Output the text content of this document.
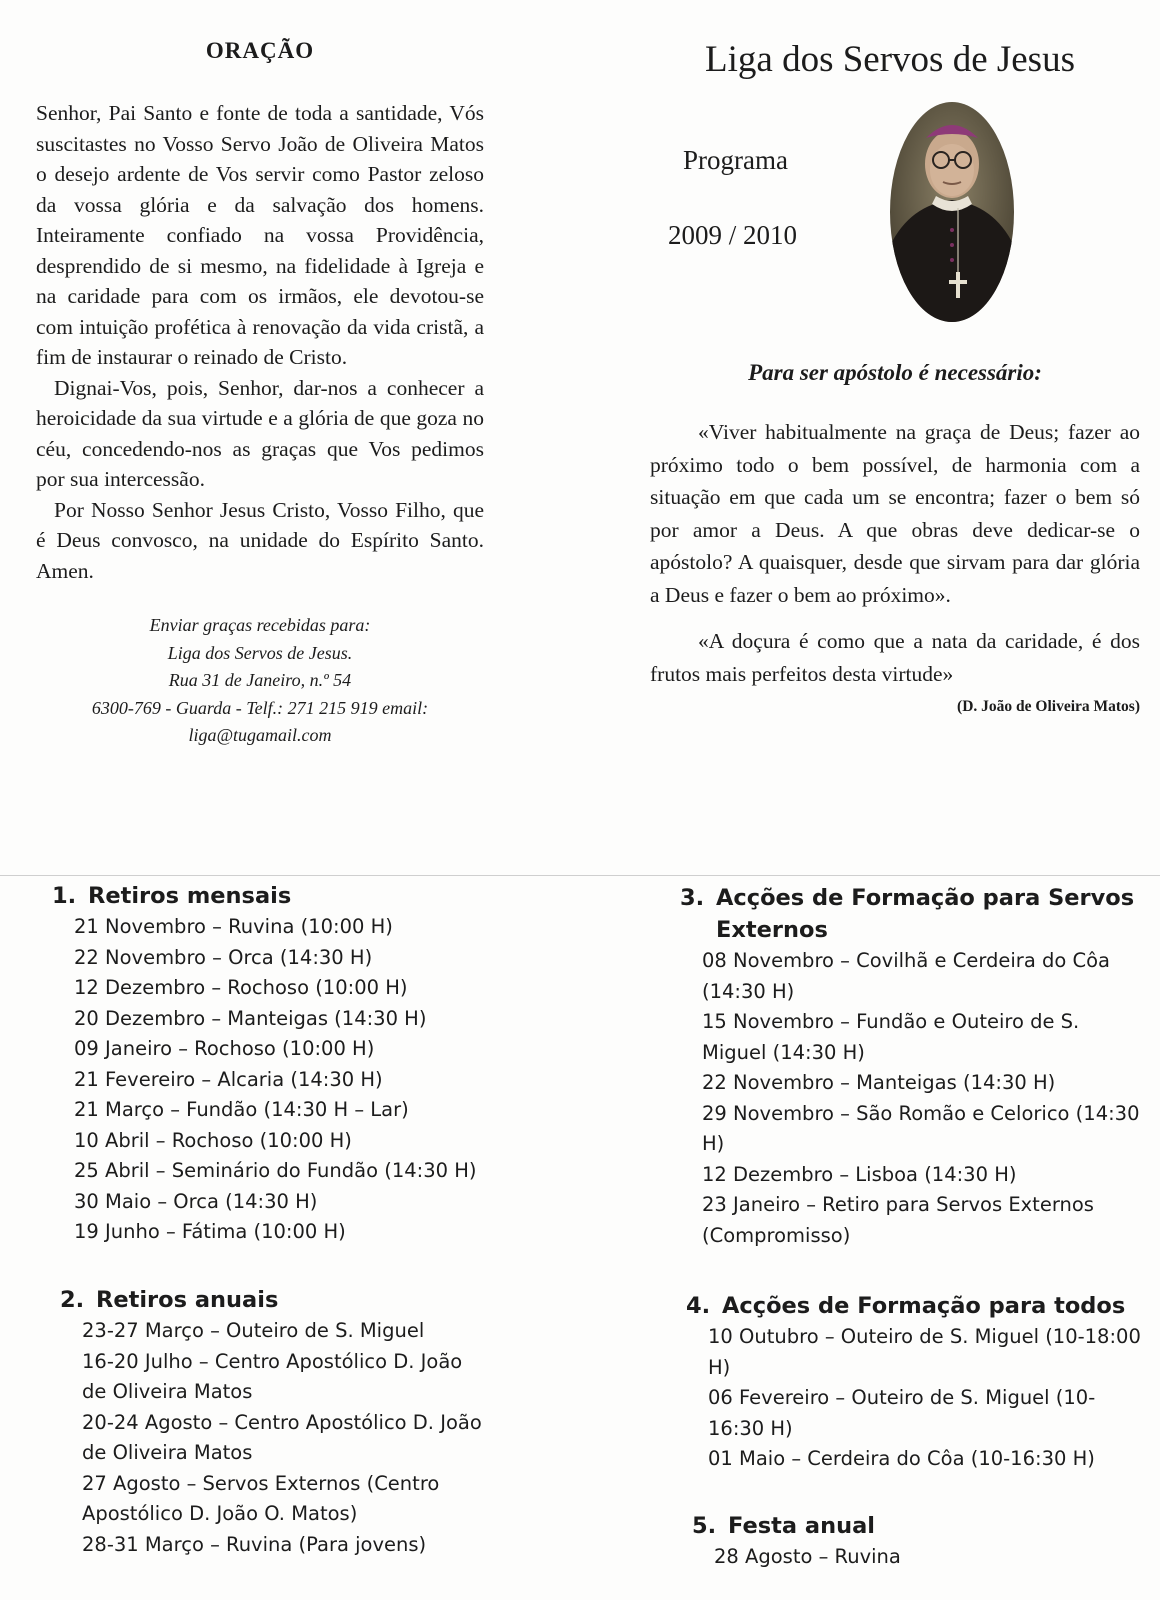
ORAÇÃO

Senhor, Pai Santo e fonte de toda a santidade, Vós suscitastes no Vosso Servo João de Oliveira Matos o desejo ardente de Vos servir como Pastor zeloso da vossa glória e da salvação dos homens. Inteiramente confiado na vossa Providência, desprendido de si mesmo, na fidelidade à Igreja e na caridade para com os irmãos, ele devotou-se com intuição profética à renovação da vida cristã, a fim de instaurar o reinado de Cristo.

Dignai-Vos, pois, Senhor, dar-nos a conhecer a heroicidade da sua virtude e a glória de que goza no céu, concedendo-nos as graças que Vos pedimos por sua intercessão.

Por Nosso Senhor Jesus Cristo, Vosso Filho, que é Deus convosco, na unidade do Espírito Santo. Amen.

Enviar graças recebidas para:
Liga dos Servos de Jesus.
Rua 31 de Janeiro, n.º 54
6300-769 - Guarda - Telf.: 271 215 919 email:
liga@tugamail.com
Liga dos Servos de Jesus
Programa
2009 / 2010
Para ser apóstolo é necessário:

«Viver habitualmente na graça de Deus; fazer ao próximo todo o bem possível, de harmonia com a situação em que cada um se encontra; fazer o bem só por amor a Deus. A que obras deve dedicar-se o apóstolo? A quaisquer, desde que sirvam para dar glória a Deus e fazer o bem ao próximo».

«A doçura é como que a nata da caridade, é dos frutos mais perfeitos desta virtude»

(D. João de Oliveira Matos)
1. Retiros mensais
21 Novembro – Ruvina (10:00 H)
22 Novembro – Orca (14:30 H)
12 Dezembro – Rochoso (10:00 H)
20 Dezembro – Manteigas (14:30 H)
09 Janeiro – Rochoso (10:00 H)
21 Fevereiro – Alcaria (14:30 H)
21 Março – Fundão (14:30 H – Lar)
10 Abril – Rochoso (10:00 H)
25 Abril – Seminário do Fundão (14:30 H)
30 Maio – Orca (14:30 H)
19 Junho – Fátima (10:00 H)
2. Retiros anuais
23-27 Março – Outeiro de S. Miguel
16-20 Julho – Centro Apostólico D. João
de Oliveira Matos
20-24 Agosto – Centro Apostólico D. João
de Oliveira Matos
27 Agosto – Servos Externos (Centro
Apostólico D. João O. Matos)
28-31 Março – Ruvina (Para jovens)
3. Acções de Formação para Servos Externos
08 Novembro – Covilhã e Cerdeira do Côa (14:30 H)
15 Novembro – Fundão e Outeiro de S. Miguel (14:30 H)
22 Novembro – Manteigas (14:30 H)
29 Novembro – São Romão e Celorico (14:30 H)
12 Dezembro – Lisboa (14:30 H)
23 Janeiro – Retiro para Servos Externos (Compromisso)
4. Acções de Formação para todos
10 Outubro – Outeiro de S. Miguel (10-18:00 H)
06 Fevereiro – Outeiro de S. Miguel (10-16:30 H)
01 Maio – Cerdeira do Côa (10-16:30 H)
5. Festa anual
28 Agosto – Ruvina
